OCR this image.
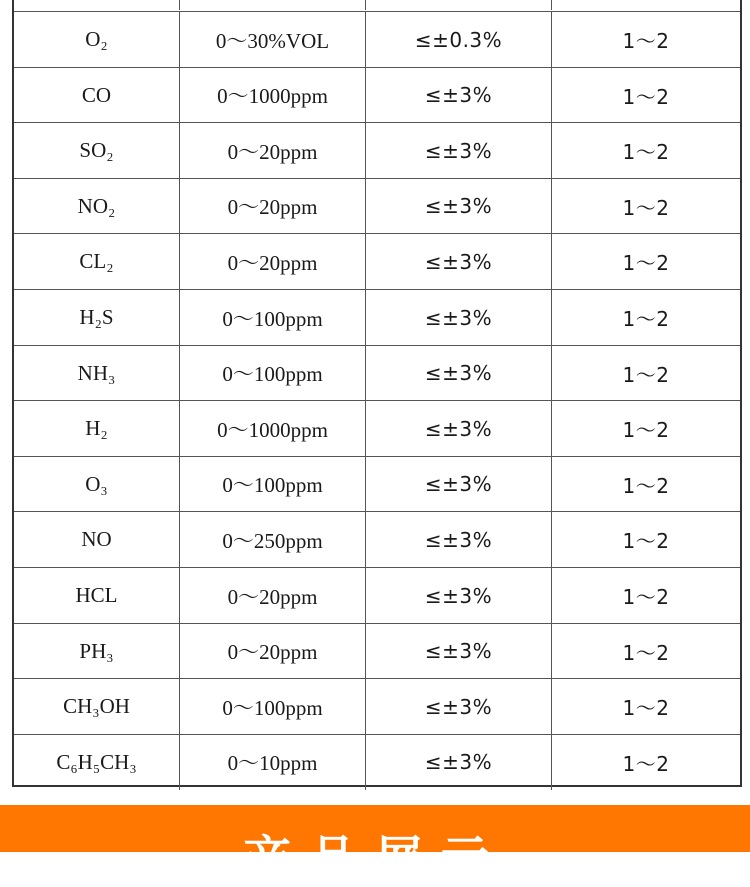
O₂	0～30%VOL	≤±0.3%	1～2
CO	0～1000ppm	≤±3%	1～2
SO₂	0～20ppm	≤±3%	1～2
NO₂	0～20ppm	≤±3%	1～2
CL₂	0～20ppm	≤±3%	1～2
H₂S	0～100ppm	≤±3%	1～2
NH₃	0～100ppm	≤±3%	1～2
H₂	0～1000ppm	≤±3%	1～2
O₃	0～100ppm	≤±3%	1～2
NO	0～250ppm	≤±3%	1～2
HCL	0～20ppm	≤±3%	1～2
PH₃	0～20ppm	≤±3%	1～2
CH₃OH	0～100ppm	≤±3%	1～2
C₆H₅CH₃	0～10ppm	≤±3%	1～2
产品展示
